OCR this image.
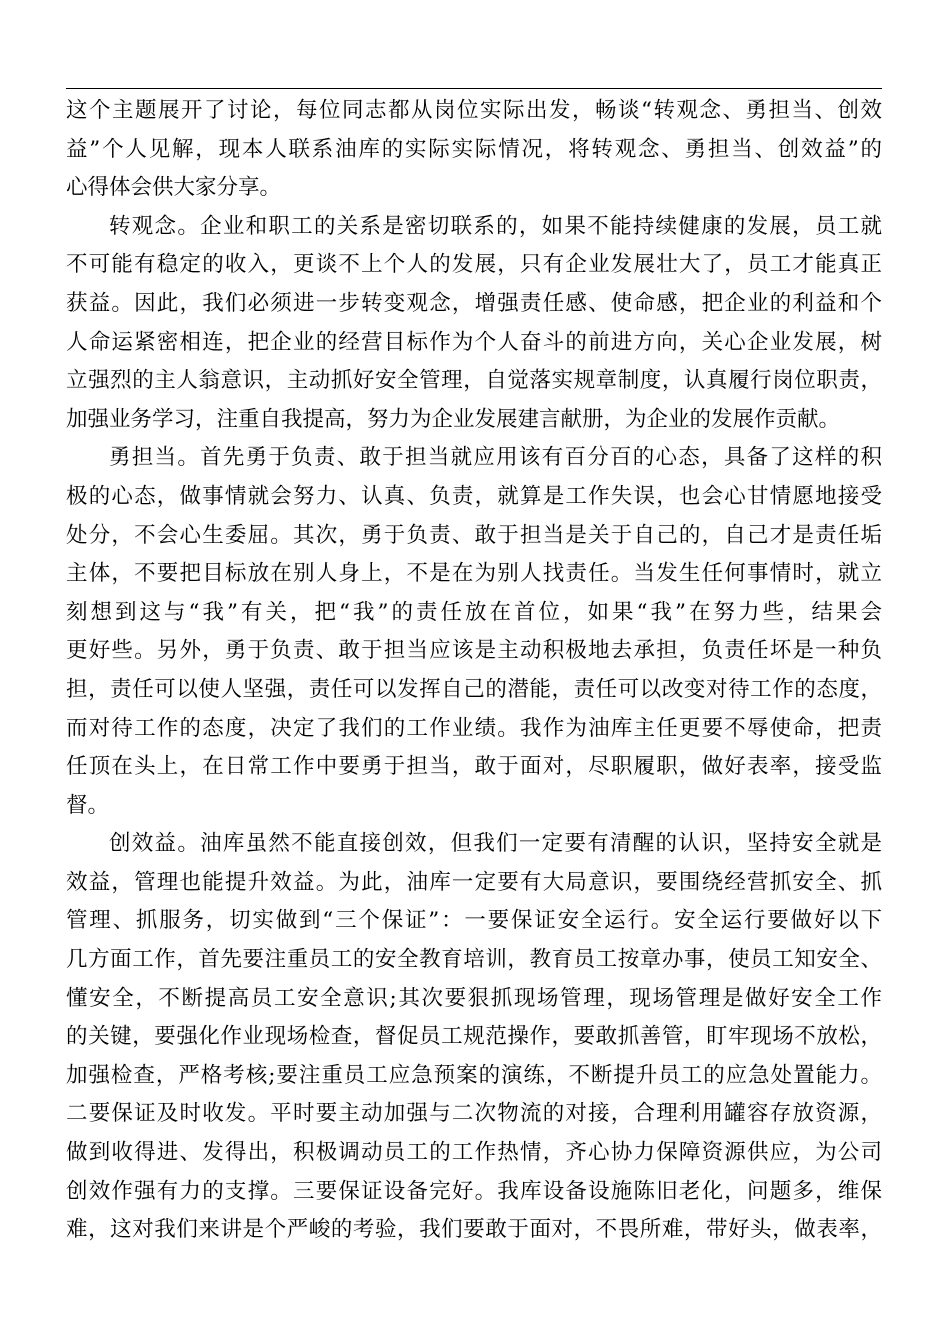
这个主题展开了讨论，每位同志都从岗位实际出发，畅谈“转观念、勇担当、创效
益”个人见解，现本人联系油库的实际实际情况，将转观念、勇担当、创效益”的
心得体会供大家分享。
转观念。企业和职工的关系是密切联系的，如果不能持续健康的发展，员工就
不可能有稳定的收入，更谈不上个人的发展，只有企业发展壮大了，员工才能真正
获益。因此，我们必须进一步转变观念，增强责任感、使命感，把企业的利益和个
人命运紧密相连，把企业的经营目标作为个人奋斗的前进方向，关心企业发展，树
立强烈的主人翁意识，主动抓好安全管理，自觉落实规章制度，认真履行岗位职责，
加强业务学习，注重自我提高，努力为企业发展建言献册，为企业的发展作贡献。
勇担当。首先勇于负责、敢于担当就应用该有百分百的心态，具备了这样的积
极的心态，做事情就会努力、认真、负责，就算是工作失误，也会心甘情愿地接受
处分，不会心生委屈。其次，勇于负责、敢于担当是关于自己的，自己才是责任垢
主体，不要把目标放在别人身上，不是在为别人找责任。当发生任何事情时，就立
刻想到这与“我”有关，把“我”的责任放在首位，如果“我”在努力些，结果会
更好些。另外，勇于负责、敢于担当应该是主动积极地去承担，负责任坏是一种负
担，责任可以使人坚强，责任可以发挥自己的潜能，责任可以改变对待工作的态度，
而对待工作的态度，决定了我们的工作业绩。我作为油库主任更要不辱使命，把责
任顶在头上，在日常工作中要勇于担当，敢于面对，尽职履职，做好表率，接受监
督。
创效益。油库虽然不能直接创效，但我们一定要有清醒的认识，坚持安全就是
效益，管理也能提升效益。为此，油库一定要有大局意识，要围绕经营抓安全、抓
管理、抓服务，切实做到“三个保证”：一要保证安全运行。安全运行要做好以下
几方面工作，首先要注重员工的安全教育培训，教育员工按章办事，使员工知安全、
懂安全，不断提高员工安全意识;其次要狠抓现场管理，现场管理是做好安全工作
的关键，要强化作业现场检查，督促员工规范操作，要敢抓善管，盯牢现场不放松，
加强检查，严格考核;要注重员工应急预案的演练，不断提升员工的应急处置能力。
二要保证及时收发。平时要主动加强与二次物流的对接，合理利用罐容存放资源，
做到收得进、发得出，积极调动员工的工作热情，齐心协力保障资源供应，为公司
创效作强有力的支撑。三要保证设备完好。我库设备设施陈旧老化，问题多，维保
难，这对我们来讲是个严峻的考验，我们要敢于面对，不畏所难，带好头，做表率，
